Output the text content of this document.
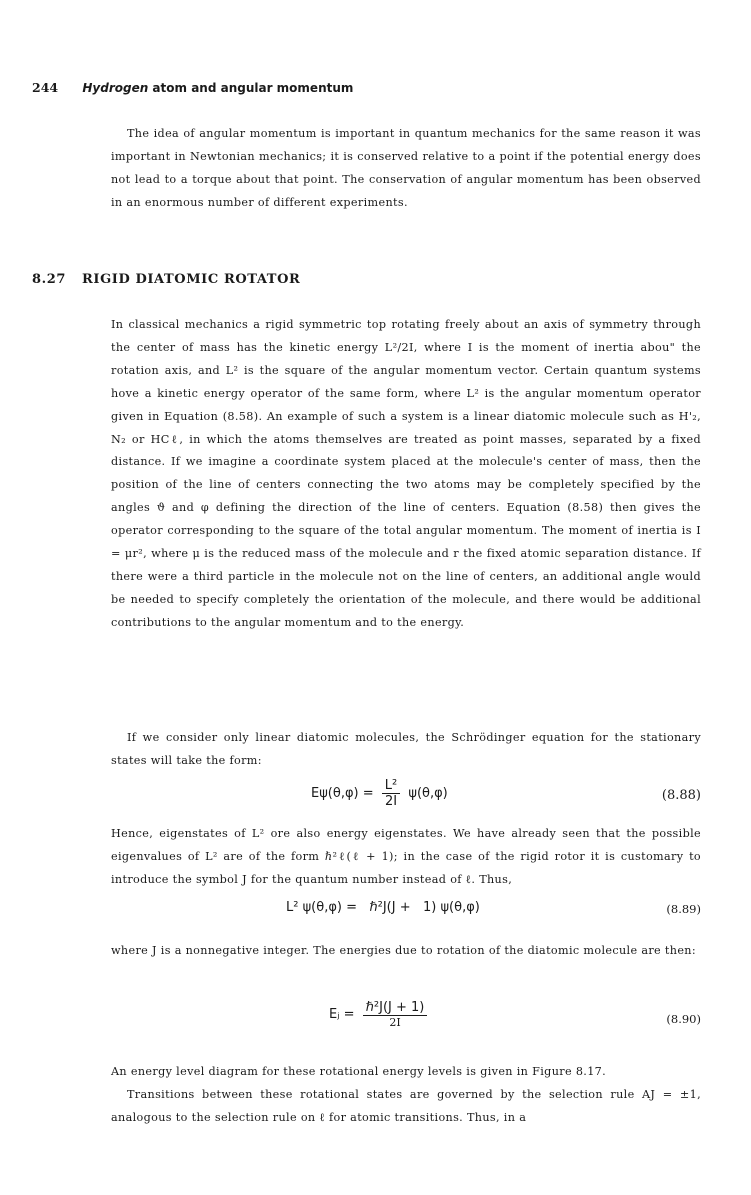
244 Hydrogen atom and angular momentum

The idea of angular momentum is important in quantum mechanics for the same reason it was important in Newtonian mechanics; it is conserved relative to a point if the potential energy does not lead to a torque about that point. The conservation of angular momentum has been observed in an enormous number of different experiments.

8.27 RIGID DIATOMIC ROTATOR

In classical mechanics a rigid symmetric top rotating freely about an axis of symmetry through the center of mass has the kinetic energy L²/2I, where I is the moment of inertia abou" the rotation axis, and L² is the square of the angular momentum vector. Certain quantum systems hove a kinetic energy operator of the same form, where L² is the angular momentum operator given in Equation (8.58). An example of such a system is a linear diatomic molecule such as H'₂, N₂ or HCℓ, in which the atoms themselves are treated as point masses, separated by a fixed distance. If we imagine a coordinate system placed at the molecule's center of mass, then the position of the line of centers connecting the two atoms may be completely specified by the angles ϑ and φ defining the direction of the line of centers. Equation (8.58) then gives the operator corresponding to the square of the total angular momentum. The moment of inertia is I = μr², where μ is the reduced mass of the molecule and r the fixed atomic separation distance. If there were a third particle in the molecule not on the line of centers, an additional angle would be needed to specify completely the orientation of the molecule, and there would be additional contributions to the angular momentum and to the energy.

If we consider only linear diatomic molecules, the Schrödinger equation for the stationary states will take the form:

$E\psi(\theta,\varphi) = \frac{\text{L²}}{2I} \psi(\theta,\varphi)$	(8.88)

Hence, eigenstates of L² ore also energy eigenstates. We have already seen that the possible eigenvalues of L² are of the form ℏ²ℓ(ℓ + 1); in the case of the rigid rotor it is customary to introduce the symbol J for the quantum number instead of ℓ. Thus,

L² ψ(θ,φ) =   ℏ²J(J +   1) ψ(θ,φ)	(8.89)

where J is a nonnegative integer. The energies due to rotation of the diatomic molecule are then:

Eⱼ = $\frac{\text{ℏ²J(J + 1)}}{2I}$	(8.90)

An energy level diagram for these rotational energy levels is given in Figure 8.17.

Transitions between these rotational states are governed by the selection rule AJ = ±1, analogous to the selection rule on ℓ for atomic transitions. Thus, in a
